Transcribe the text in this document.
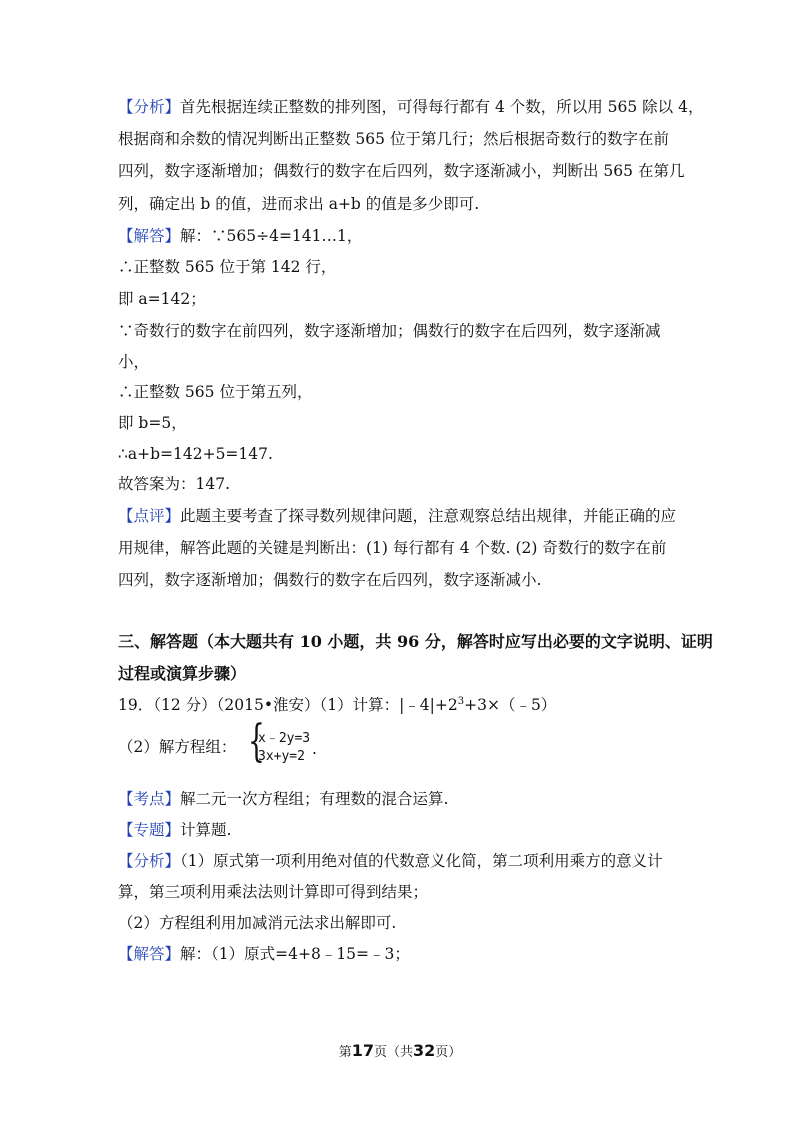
【分析】首先根据连续正整数的排列图，可得每行都有 4 个数，所以用 565 除以 4，
根据商和余数的情况判断出正整数 565 位于第几行；然后根据奇数行的数字在前
四列，数字逐渐增加；偶数行的数字在后四列，数字逐渐减小，判断出 565 在第几
列，确定出 b 的值，进而求出 a+b 的值是多少即可.
【解答】解：∵565÷4=141…1，
∴正整数 565 位于第 142 行，
即 a=142；
∵奇数行的数字在前四列，数字逐渐增加；偶数行的数字在后四列，数字逐渐减
小，
∴正整数 565 位于第五列，
即 b=5，
∴a+b=142+5=147.
故答案为：147.
【点评】此题主要考查了探寻数列规律问题，注意观察总结出规律，并能正确的应
用规律，解答此题的关键是判断出：(1) 每行都有 4 个数. (2) 奇数行的数字在前
四列，数字逐渐增加；偶数行的数字在后四列，数字逐渐减小.
三、解答题（本大题共有 10 小题，共 96 分，解答时应写出必要的文字说明、证明
过程或演算步骤）
19．（12 分）（2015•淮安）（1）计算：$|﹣4|+2^3+3\times(﹣5)$
（2）解方程组： {
x﹣2y=3
3x+y=2 .
【考点】解二元一次方程组；有理数的混合运算.
【专题】计算题.
【分析】（1）原式第一项利用绝对值的代数意义化简，第二项利用乘方的意义计
算，第三项利用乘法法则计算即可得到结果；
（2）方程组利用加减消元法求出解即可.
【解答】解：（1）原式=4+8﹣15=﹣3；
第17页（共32页）
